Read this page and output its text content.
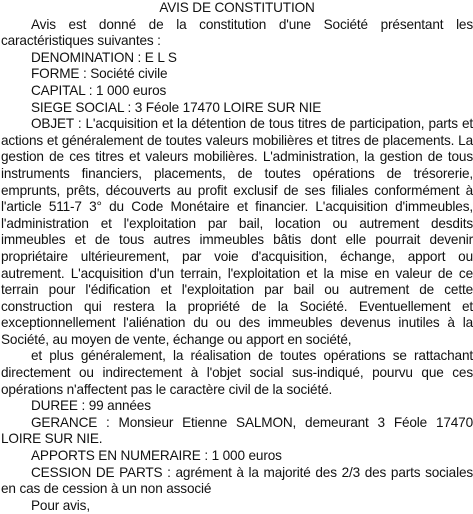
AVIS DE CONSTITUTION

Avis est donné de la constitution d'une Société présentant les caractéristiques suivantes :

DENOMINATION : E L S

FORME : Société civile

CAPITAL : 1 000 euros

SIEGE SOCIAL : 3 Féole 17470 LOIRE SUR NIE

OBJET : L'acquisition et la détention de tous titres de participation, parts et actions et généralement de toutes valeurs mobilières et titres de placements. La gestion de ces titres et valeurs mobilières. L'administration, la gestion de tous instruments financiers, placements, de toutes opérations de trésorerie, emprunts, prêts, découverts au profit exclusif de ses filiales conformément à l'article 511-7 3° du Code Monétaire et financier. L'acquisition d'immeubles, l'administration et l'exploitation par bail, location ou autrement desdits immeubles et de tous autres immeubles bâtis dont elle pourrait devenir propriétaire ultérieurement, par voie d'acquisition, échange, apport ou autrement. L'acquisition d'un terrain, l'exploitation et la mise en valeur de ce terrain pour l'édification et l'exploitation par bail ou autrement de cette construction qui restera la propriété de la Société. Eventuellement et exceptionnellement l'aliénation du ou des immeubles devenus inutiles à la Société, au moyen de vente, échange ou apport en société,

et plus généralement, la réalisation de toutes opérations se rattachant directement ou indirectement à l'objet social sus-indiqué, pourvu que ces opérations n'affectent pas le caractère civil de la société.

DUREE : 99 années

GERANCE : Monsieur Etienne SALMON, demeurant 3 Féole 17470 LOIRE SUR NIE.

APPORTS EN NUMERAIRE : 1 000 euros

CESSION DE PARTS : agrément à la majorité des 2/3 des parts sociales en cas de cession à un non associé

Pour avis,
